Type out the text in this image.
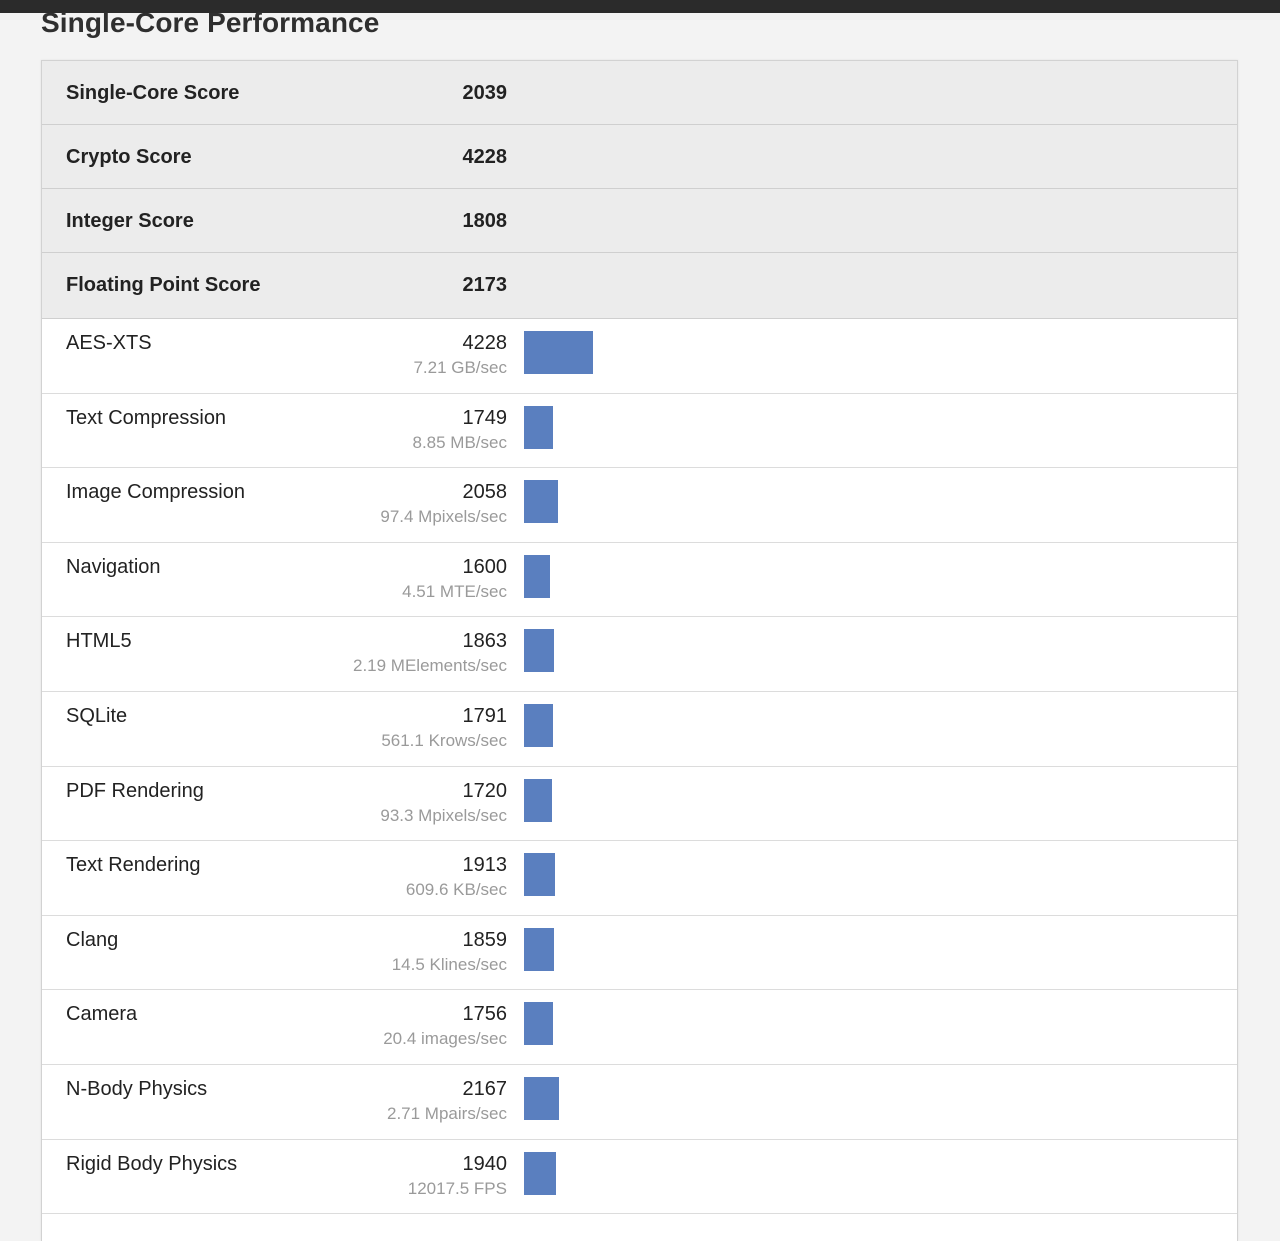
Single-Core Performance
Single-Core Score	2039
Crypto Score	4228
Integer Score	1808
Floating Point Score	2173
AES-XTS	4228
7.21 GB/sec
Text Compression	1749
8.85 MB/sec
Image Compression	2058
97.4 Mpixels/sec
Navigation	1600
4.51 MTE/sec
HTML5	1863
2.19 MElements/sec
SQLite	1791
561.1 Krows/sec
PDF Rendering	1720
93.3 Mpixels/sec
Text Rendering	1913
609.6 KB/sec
Clang	1859
14.5 Klines/sec
Camera	1756
20.4 images/sec
N-Body Physics	2167
2.71 Mpairs/sec
Rigid Body Physics	1940
12017.5 FPS
